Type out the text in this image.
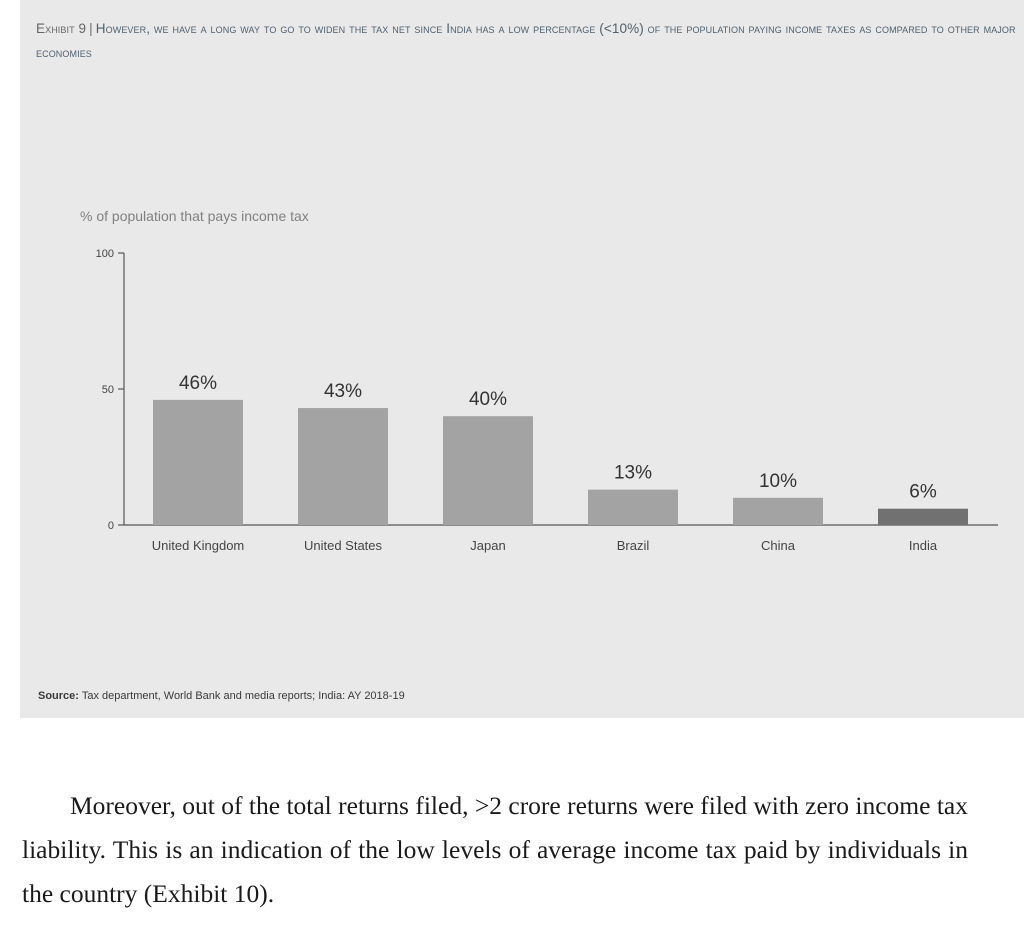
Exhibit 9 | However, we have a long way to go to widen the tax net since India has a low percentage (<10%) of the population paying income taxes as compared to other major economies

% of population that pays income tax
0
50
100
46%
United Kingdom
43%
United States
40%
Japan
13%
Brazil
10%
China
6%
India
Source: Tax department, World Bank and media reports; India: AY 2018-19

Moreover, out of the total returns filed, >2 crore returns were filed with zero income tax liability. This is an indication of the low levels of average income tax paid by individuals in the country (Exhibit 10).
